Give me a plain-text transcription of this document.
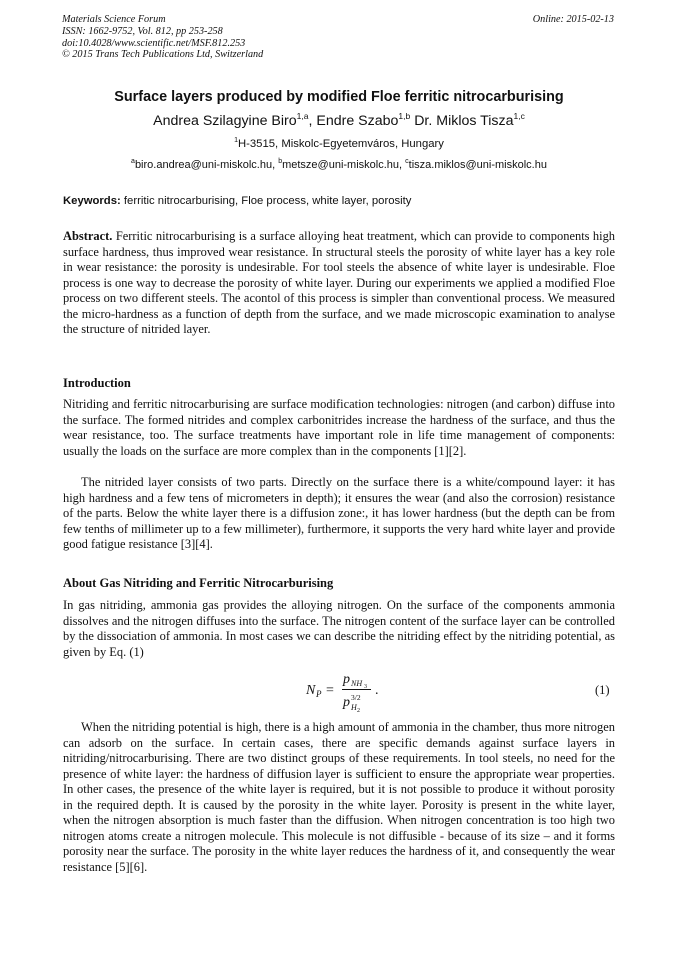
Materials Science Forum	Online: 2015-02-13
ISSN: 1662-9752, Vol. 812, pp 253-258
doi:10.4028/www.scientific.net/MSF.812.253
© 2015 Trans Tech Publications Ltd, Switzerland
Surface layers produced by modified Floe ferritic nitrocarburising
Andrea Szilagyine Biro$^{1,a}$, Endre Szabo$^{1,b}$ Dr. Miklos Tisza$^{1,c}$
$^1$H-3515, Miskolc-Egyetemváros, Hungary
$^a$biro.andrea@uni-miskolc.hu, $^b$metsze@uni-miskolc.hu, $^c$tisza.miklos@uni-miskolc.hu
Keywords: ferritic nitrocarburising, Floe process, white layer, porosity
Abstract. Ferritic nitrocarburising is a surface alloying heat treatment, which can provide to components high surface hardness, thus improved wear resistance. In structural steels the porosity of white layer has a key role in wear resistance: the porosity is undesirable. For tool steels the absence of white layer is undesirable. Floe process is one way to decrease the porosity of white layer. During our experiments we applied a modified Floe process on two different steels. The acontol of this process is simpler than conventional process. We measured the micro-hardness as a function of depth from the surface, and we made microscopic examination to analyse the structure of nitrided layer.
Introduction
Nitriding and ferritic nitrocarburising are surface modification technologies: nitrogen (and carbon) diffuse into the surface. The formed nitrides and complex carbonitrides increase the hardness of the surface, and thus the wear resistance, too. The surface treatments have important role in life time management of components: usually the loads on the surface are more complex than in the components [1][2].
The nitrided layer consists of two parts. Directly on the surface there is a white/compound layer: it has high hardness and a few tens of micrometers in depth); it ensures the wear (and also the corrosion) resistance of the parts. Below the white layer there is a diffusion zone:, it has lower hardness (but the depth can be from few tenths of millimeter up to a few millimeter), furthermore, it supports the very hard white layer and provide good fatigue resistance [3][4].
About Gas Nitriding and Ferritic Nitrocarburising
In gas nitriding, ammonia gas provides the alloying nitrogen. On the surface of the components ammonia dissolves and the nitrogen diffuses into the surface. The nitrogen content of the surface layer can be controlled by the dissociation of ammonia. In most cases we can describe the nitriding effect by the nitriding potential, as given by Eq. (1)
N P =
p NH 3
p 3/2
H 2
.	(1)
When the nitriding potential is high, there is a high amount of ammonia in the chamber, thus more nitrogen can adsorb on the surface. In certain cases, there are specific demands against surface layers in nitriding/nitrocarburising. There are two distinct groups of these requirements. In tool steels, no need for the presence of white layer: the hardness of diffusion layer is sufficient to ensure the appropriate wear properties. In other cases, the presence of the white layer is required, but it is not possible to produce it without porosity in the required depth. It is caused by the porosity in the white layer. Porosity is present in the white layer, when the nitrogen absorption is much faster than the diffusion. When nitrogen concentration is too high two nitrogen atoms create a nitrogen molecule. This molecule is not diffusible - because of its size – and it forms porosity near the surface. The porosity in the white layer reduces the hardness of it, and consequently the wear resistance [5][6].
